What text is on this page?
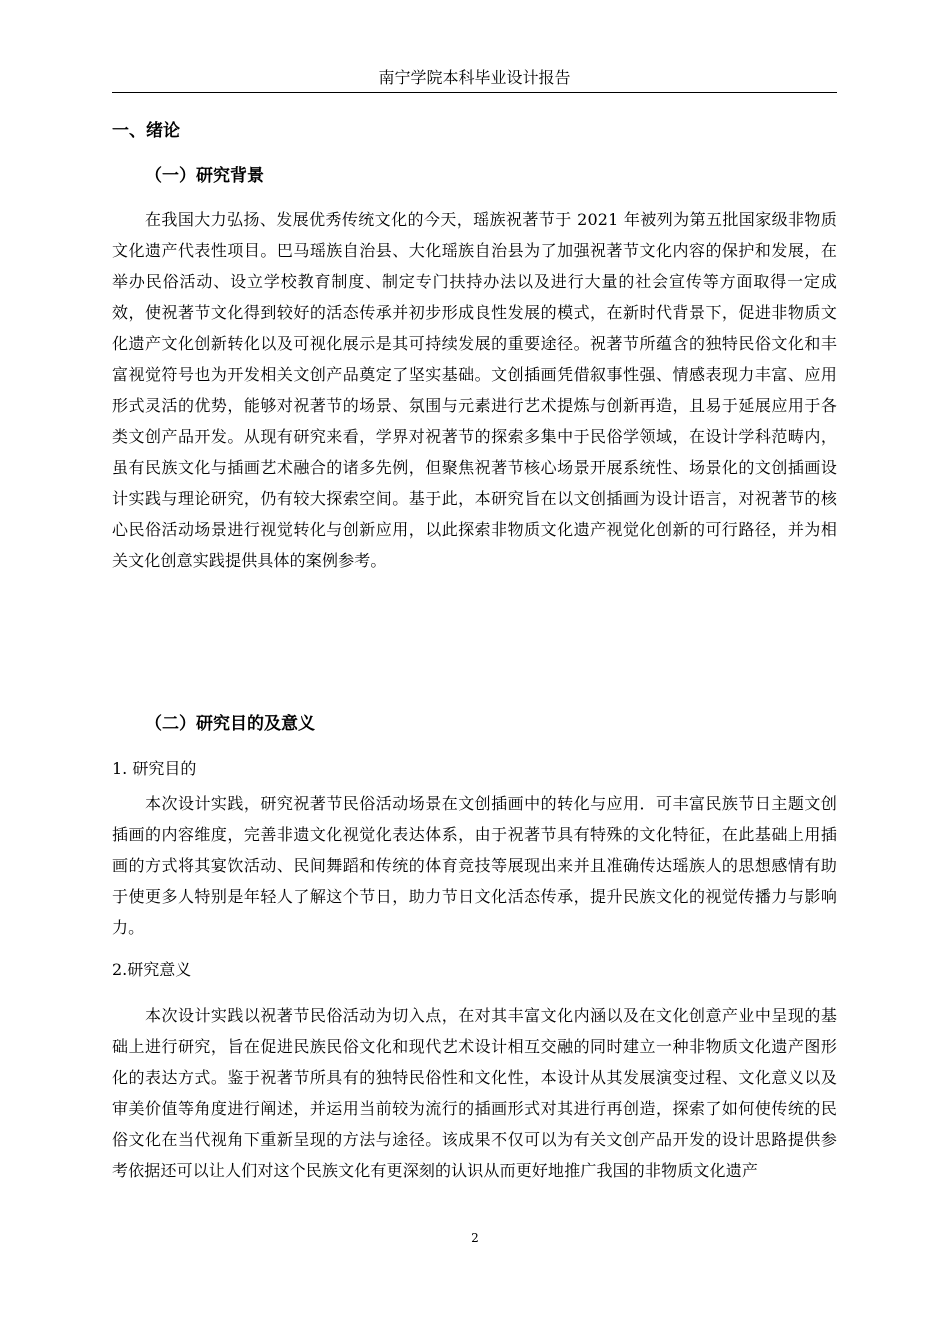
南宁学院本科毕业设计报告
一、绪论
（一）研究背景

在我国大力弘扬、发展优秀传统文化的今天，瑶族祝著节于 2021 年被列为第五批国家级非物质文化遗产代表性项目。巴马瑶族自治县、大化瑶族自治县为了加强祝著节文化内容的保护和发展，在举办民俗活动、设立学校教育制度、制定专门扶持办法以及进行大量的社会宣传等方面取得一定成效，使祝著节文化得到较好的活态传承并初步形成良性发展的模式，在新时代背景下，促进非物质文化遗产文化创新转化以及可视化展示是其可持续发展的重要途径。祝著节所蕴含的独特民俗文化和丰富视觉符号也为开发相关文创产品奠定了坚实基础。文创插画凭借叙事性强、情感表现力丰富、应用形式灵活的优势，能够对祝著节的场景、氛围与元素进行艺术提炼与创新再造，且易于延展应用于各类文创产品开发。从现有研究来看，学界对祝著节的探索多集中于民俗学领域，在设计学科范畴内，虽有民族文化与插画艺术融合的诸多先例，但聚焦祝著节核心场景开展系统性、场景化的文创插画设计实践与理论研究，仍有较大探索空间。基于此，本研究旨在以文创插画为设计语言，对祝著节的核心民俗活动场景进行视觉转化与创新应用，以此探索非物质文化遗产视觉化创新的可行路径，并为相关文化创意实践提供具体的案例参考。

（二）研究目的及意义
1. 研究目的

本次设计实践，研究祝著节民俗活动场景在文创插画中的转化与应用．可丰富民族节日主题文创插画的内容维度，完善非遗文化视觉化表达体系，由于祝著节具有特殊的文化特征，在此基础上用插画的方式将其宴饮活动、民间舞蹈和传统的体育竞技等展现出来并且准确传达瑶族人的思想感情有助于使更多人特别是年轻人了解这个节日，助力节日文化活态传承，提升民族文化的视觉传播力与影响力。

2.研究意义

本次设计实践以祝著节民俗活动为切入点，在对其丰富文化内涵以及在文化创意产业中呈现的基础上进行研究，旨在促进民族民俗文化和现代艺术设计相互交融的同时建立一种非物质文化遗产图形化的表达方式。鉴于祝著节所具有的独特民俗性和文化性，本设计从其发展演变过程、文化意义以及审美价值等角度进行阐述，并运用当前较为流行的插画形式对其进行再创造，探索了如何使传统的民俗文化在当代视角下重新呈现的方法与途径。该成果不仅可以为有关文创产品开发的设计思路提供参考依据还可以让人们对这个民族文化有更深刻的认识从而更好地推广我国的非物质文化遗产

2
